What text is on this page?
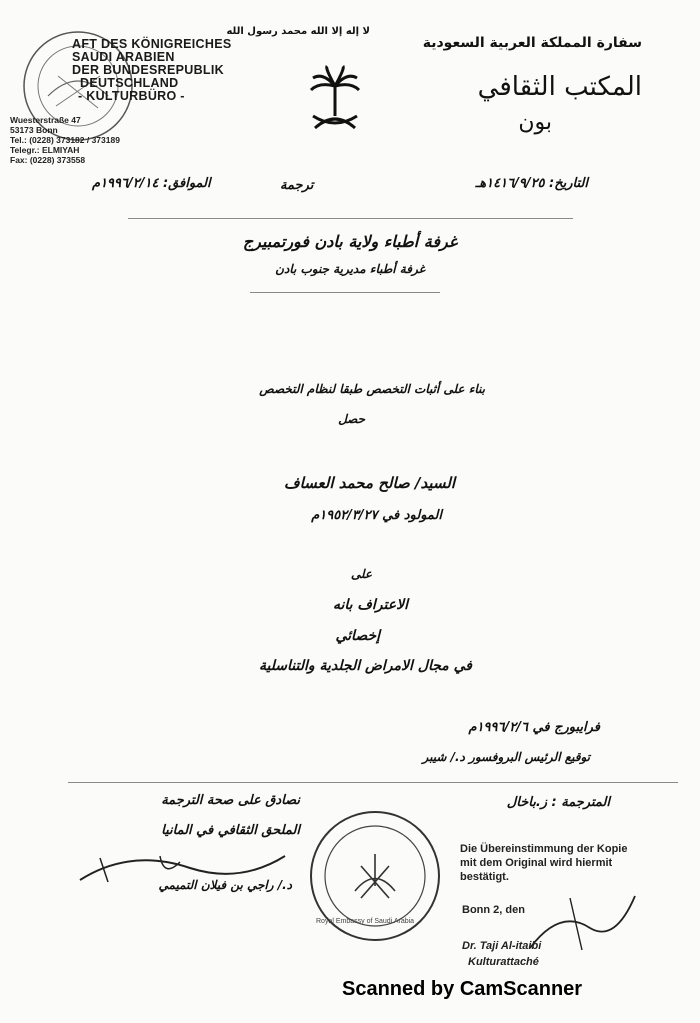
AFT DES KÖNIGREICHES
SAUDI ARABIEN
DER BUNDESREPUBLIK
DEUTSCHLAND
- KULTURBÜRO -
Wuesterstraße 47
53173 Bonn
Tel.: (0228) 373182 / 373189
Telegr.: ELMIYAH
Fax: (0228) 373558
لا إله إلا الله محمد رسول الله
سفارة المملكة العربية السعودية
المكتب الثقافي
بون
التاريخ: ١٤١٦/٩/٢٥هـ
ترجمة
الموافق: ١٩٩٦/٢/١٤م
غرفة أطباء ولاية بادن فورتمبيرج
غرفة أطباء مديرية جنوب بادن
بناء على أثبات التخصص طبقا لنظام التخصص
حصل
السيد/ صالح محمد العساف
المولود في ١٩٥٢/٣/٢٧م
على
الاعتراف بانه
إخصائي
في مجال الامراض الجلدية والتناسلية
فرايبورج في ١٩٩٦/٢/٦م
توقيع الرئيس البروفسور د./ شيبر
نصادق على صحة الترجمة
الملحق الثقافي في المانيا
د./ راجي بن فيلان التميمي
المترجمة : ز.باخال
Royal Embassy of Saudi Arabia
Die Übereinstimmung der Kopie
mit dem Original wird hiermit
bestätigt.
Bonn 2, den
Dr. Taji Al-itaibi
Kulturattaché
Scanned by CamScanner
